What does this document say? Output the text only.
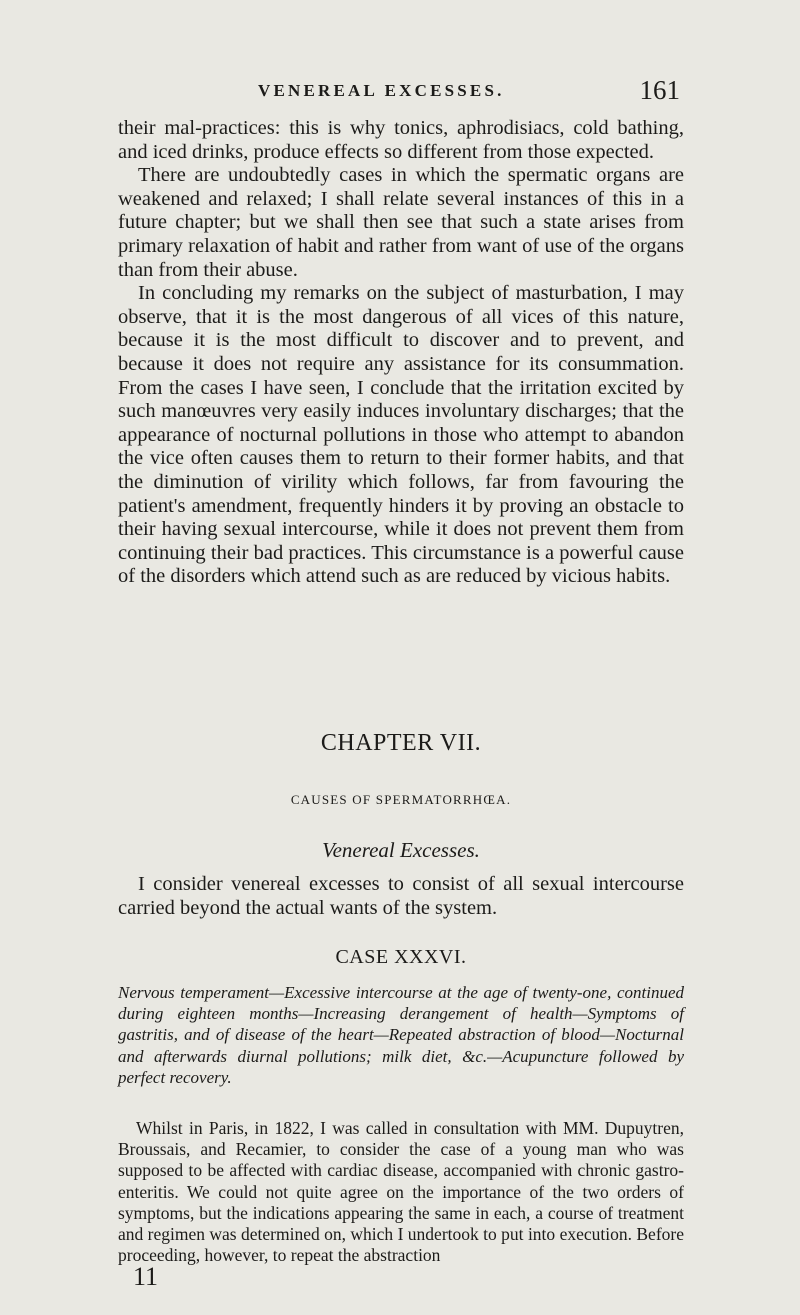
VENEREAL EXCESSES.	161

their mal-practices: this is why tonics, aphrodisiacs, cold bathing, and iced drinks, produce effects so different from those expected.

There are undoubtedly cases in which the spermatic organs are weakened and relaxed; I shall relate several instances of this in a future chapter; but we shall then see that such a state arises from primary relaxation of habit and rather from want of use of the organs than from their abuse.

In concluding my remarks on the subject of masturbation, I may observe, that it is the most dangerous of all vices of this nature, because it is the most difficult to discover and to prevent, and because it does not require any assistance for its consummation. From the cases I have seen, I conclude that the irritation excited by such manœuvres very easily induces involuntary discharges; that the appearance of nocturnal pollutions in those who attempt to abandon the vice often causes them to return to their former habits, and that the diminution of virility which follows, far from favouring the patient's amendment, frequently hinders it by proving an obstacle to their having sexual intercourse, while it does not prevent them from continuing their bad practices. This circumstance is a powerful cause of the disorders which attend such as are reduced by vicious habits.

CHAPTER VII.
CAUSES OF SPERMATORRHŒA.
Venereal Excesses.

I consider venereal excesses to consist of all sexual intercourse carried beyond the actual wants of the system.

CASE XXXVI.

Nervous temperament—Excessive intercourse at the age of twenty-one, continued during eighteen months—Increasing derangement of health—Symptoms of gastritis, and of disease of the heart—Repeated abstraction of blood—Nocturnal and afterwards diurnal pollutions; milk diet, &c.—Acupuncture followed by perfect recovery.

Whilst in Paris, in 1822, I was called in consultation with MM. Dupuytren, Broussais, and Recamier, to consider the case of a young man who was supposed to be affected with cardiac disease, accompanied with chronic gastro-enteritis. We could not quite agree on the importance of the two orders of symptoms, but the indications appearing the same in each, a course of treatment and regimen was determined on, which I undertook to put into execution. Before proceeding, however, to repeat the abstraction

11
